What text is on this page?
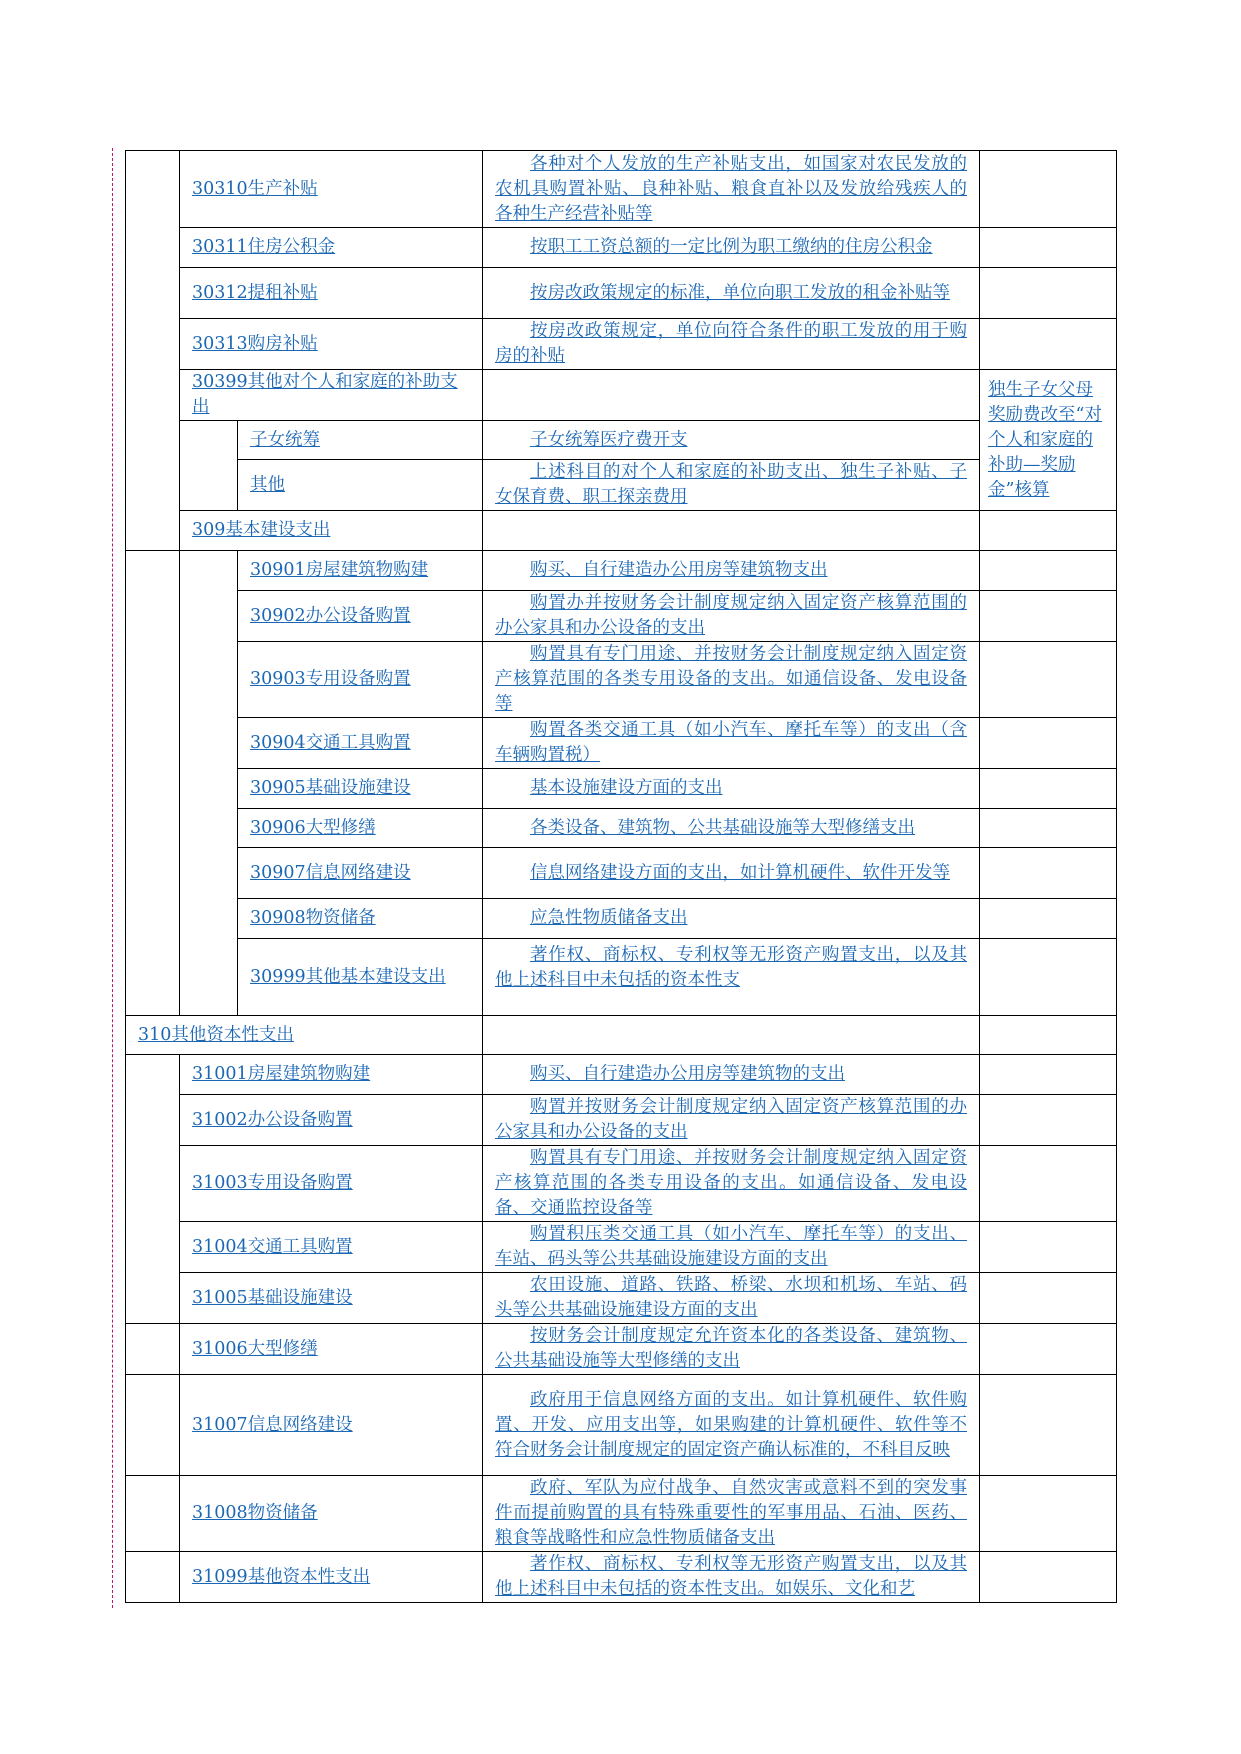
	30310生产补贴		各种对个人发放的生产补贴支出，如国家对农民发放的农机具购置补贴、良种补贴、粮食直补以及发放给残疾人的各种生产经营补贴等	
	30311住房公积金		按职工工资总额的一定比例为职工缴纳的住房公积金	
	30312提租补贴		按房改政策规定的标准，单位向职工发放的租金补贴等	
	30313购房补贴		按房改政策规定，单位向符合条件的职工发放的用于购房的补贴	
	30399其他对个人和家庭的补助支出			独生子女父母奖励费改至“对个人和家庭的补助—奖励金”核算
		子女统筹	子女统筹医疗费开支	
		其他	上述科目的对个人和家庭的补助支出、独生子补贴、子女保育费、职工探亲费用	
	309基本建设支出			
		30901房屋建筑物购建	购买、自行建造办公用房等建筑物支出	
		30902办公设备购置	购置办并按财务会计制度规定纳入固定资产核算范围的办公家具和办公设备的支出	
		30903专用设备购置	购置具有专门用途、并按财务会计制度规定纳入固定资产核算范围的各类专用设备的支出。如通信设备、发电设备等	
		30904交通工具购置	购置各类交通工具（如小汽车、摩托车等）的支出（含车辆购置税）	
		30905基础设施建设	基本设施建设方面的支出	
		30906大型修缮	各类设备、建筑物、公共基础设施等大型修缮支出	
		30907信息网络建设	信息网络建设方面的支出，如计算机硬件、软件开发等	
		30908物资储备	应急性物质储备支出	
		30999其他基本建设支出	著作权、商标权、专利权等无形资产购置支出，以及其他上述科目中未包括的资本性支	
310其他资本性支出				
	31001房屋建筑物购建		购买、自行建造办公用房等建筑物的支出	
	31002办公设备购置		购置并按财务会计制度规定纳入固定资产核算范围的办公家具和办公设备的支出	
	31003专用设备购置		购置具有专门用途、并按财务会计制度规定纳入固定资产核算范围的各类专用设备的支出。如通信设备、发电设备、交通监控设备等	
	31004交通工具购置		购置积压类交通工具（如小汽车、摩托车等）的支出、车站、码头等公共基础设施建设方面的支出	
	31005基础设施建设		农田设施、道路、铁路、桥梁、水坝和机场、车站、码头等公共基础设施建设方面的支出	
	31006大型修缮		按财务会计制度规定允许资本化的各类设备、建筑物、公共基础设施等大型修缮的支出	
	31007信息网络建设		政府用于信息网络方面的支出。如计算机硬件、软件购置、开发、应用支出等，如果购建的计算机硬件、软件等不符合财务会计制度规定的固定资产确认标准的，不科目反映	
	31008物资储备		政府、军队为应付战争、自然灾害或意料不到的突发事件而提前购置的具有特殊重要性的军事用品、石油、医药、粮食等战略性和应急性物质储备支出	
	31099基他资本性支出		著作权、商标权、专利权等无形资产购置支出，以及其他上述科目中未包括的资本性支出。如娱乐、文化和艺	
